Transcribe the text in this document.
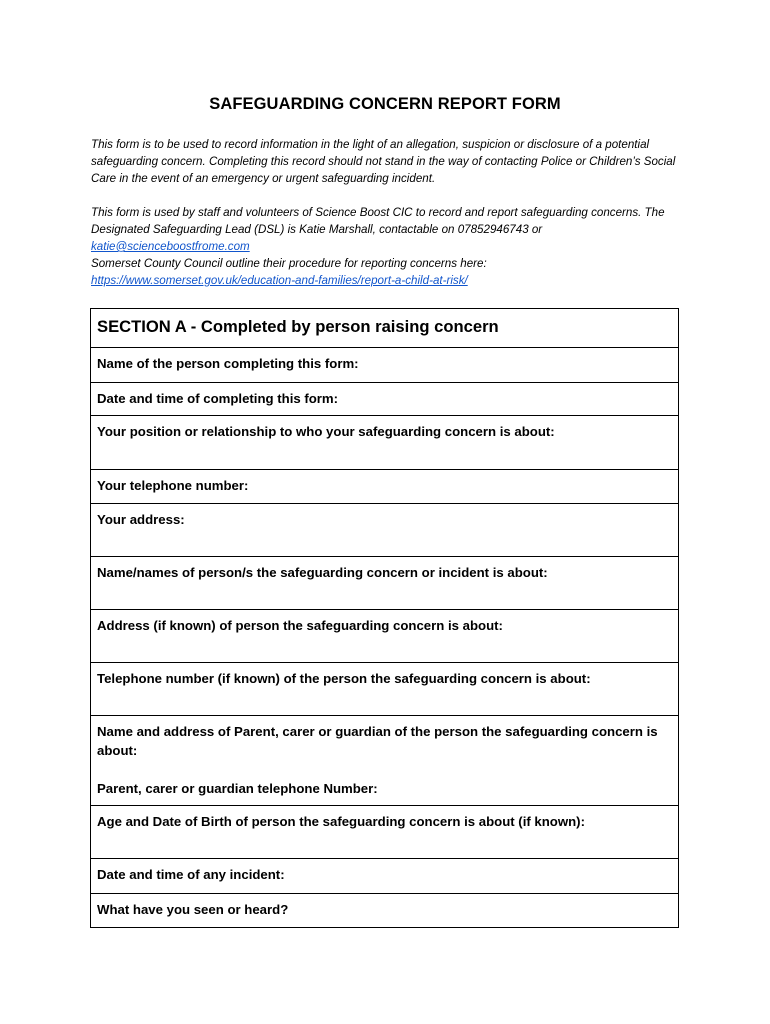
SAFEGUARDING CONCERN REPORT FORM

This form is to be used to record information in the light of an allegation, suspicion or disclosure of a potential safeguarding concern. Completing this record should not stand in the way of contacting Police or Children’s Social Care in the event of an emergency or urgent safeguarding incident.

This form is used by staff and volunteers of Science Boost CIC to record and report safeguarding concerns. The Designated Safeguarding Lead (DSL) is Katie Marshall, contactable on 07852946743 or katie@scienceboostfrome.com

Somerset County Council outline their procedure for reporting concerns here:

https://www.somerset.gov.uk/education-and-families/report-a-child-at-risk/

SECTION A - Completed by person raising concern
Name of the person completing this form:
Date and time of completing this form:
Your position or relationship to who your safeguarding concern is about:
Your telephone number:
Your address:
Name/names of person/s the safeguarding concern or incident is about:
Address (if known) of person the safeguarding concern is about:
Telephone number (if known) of the person the safeguarding concern is about:

Name and address of Parent, carer or guardian of the person the safeguarding concern is about:
Parent, carer or guardian telephone Number:

Age and Date of Birth of person the safeguarding concern is about (if known):
Date and time of any incident:
What have you seen or heard?
